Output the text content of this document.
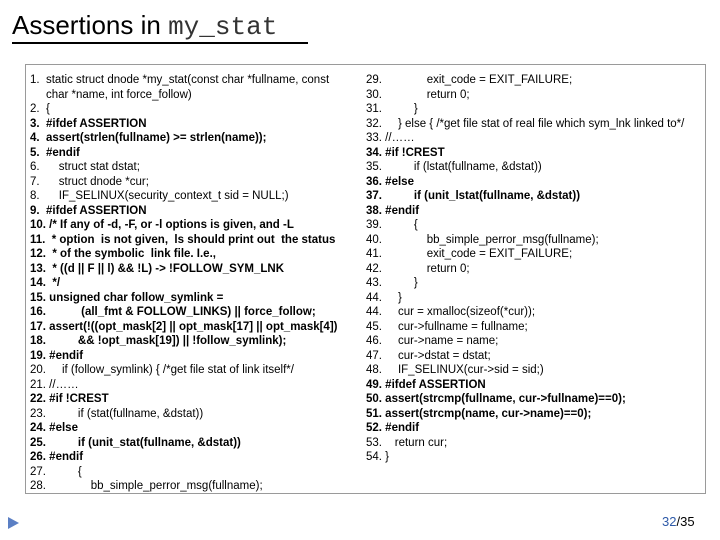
Assertions in my_stat
1.  static struct dnode *my_stat(const char *fullname, const
char *name, int force_follow)
2.  {
3.  #ifdef ASSERTION
4.  assert(strlen(fullname) >= strlen(name));
5.  #endif
6.      struct stat dstat;
7.      struct dnode *cur;
8.      IF_SELINUX(security_context_t sid = NULL;)
9.  #ifdef ASSERTION
10. /* If any of -d, -F, or -l options is given, and -L
11.  * option  is not given,  ls should print out  the status
12.  * of the symbolic  link file. I.e.,
13.  * ((d || F || l) && !L) -> !FOLLOW_SYM_LNK
14.  */
15. unsigned char follow_symlink =
16.           (all_fmt & FOLLOW_LINKS) || force_follow;
17. assert(!((opt_mask[2] || opt_mask[17] || opt_mask[4])
18.          && !opt_mask[19]) || !follow_symlink);
19. #endif
20.     if (follow_symlink) { /*get file stat of link itself*/
21. //……
22. #if !CREST
23.          if (stat(fullname, &dstat))
24. #else
25.          if (unit_stat(fullname, &dstat))
26. #endif
27.          {
28.              bb_simple_perror_msg(fullname);
29.              exit_code = EXIT_FAILURE;
30.              return 0;
31.          }
32.     } else { /*get file stat of real file which sym_lnk linked to*/
33. //……
34. #if !CREST
35.          if (lstat(fullname, &dstat))
36. #else
37.          if (unit_lstat(fullname, &dstat))
38. #endif
39.          {
40.              bb_simple_perror_msg(fullname);
41.              exit_code = EXIT_FAILURE;
42.              return 0;
43.          }
44.     }
44.     cur = xmalloc(sizeof(*cur));
45.     cur->fullname = fullname;
46.     cur->name = name;
47.     cur->dstat = dstat;
48.     IF_SELINUX(cur->sid = sid;)
49. #ifdef ASSERTION
50. assert(strcmp(fullname, cur->fullname)==0);
51. assert(strcmp(name, cur->name)==0);
52. #endif
53.    return cur;
54. }
32/35
